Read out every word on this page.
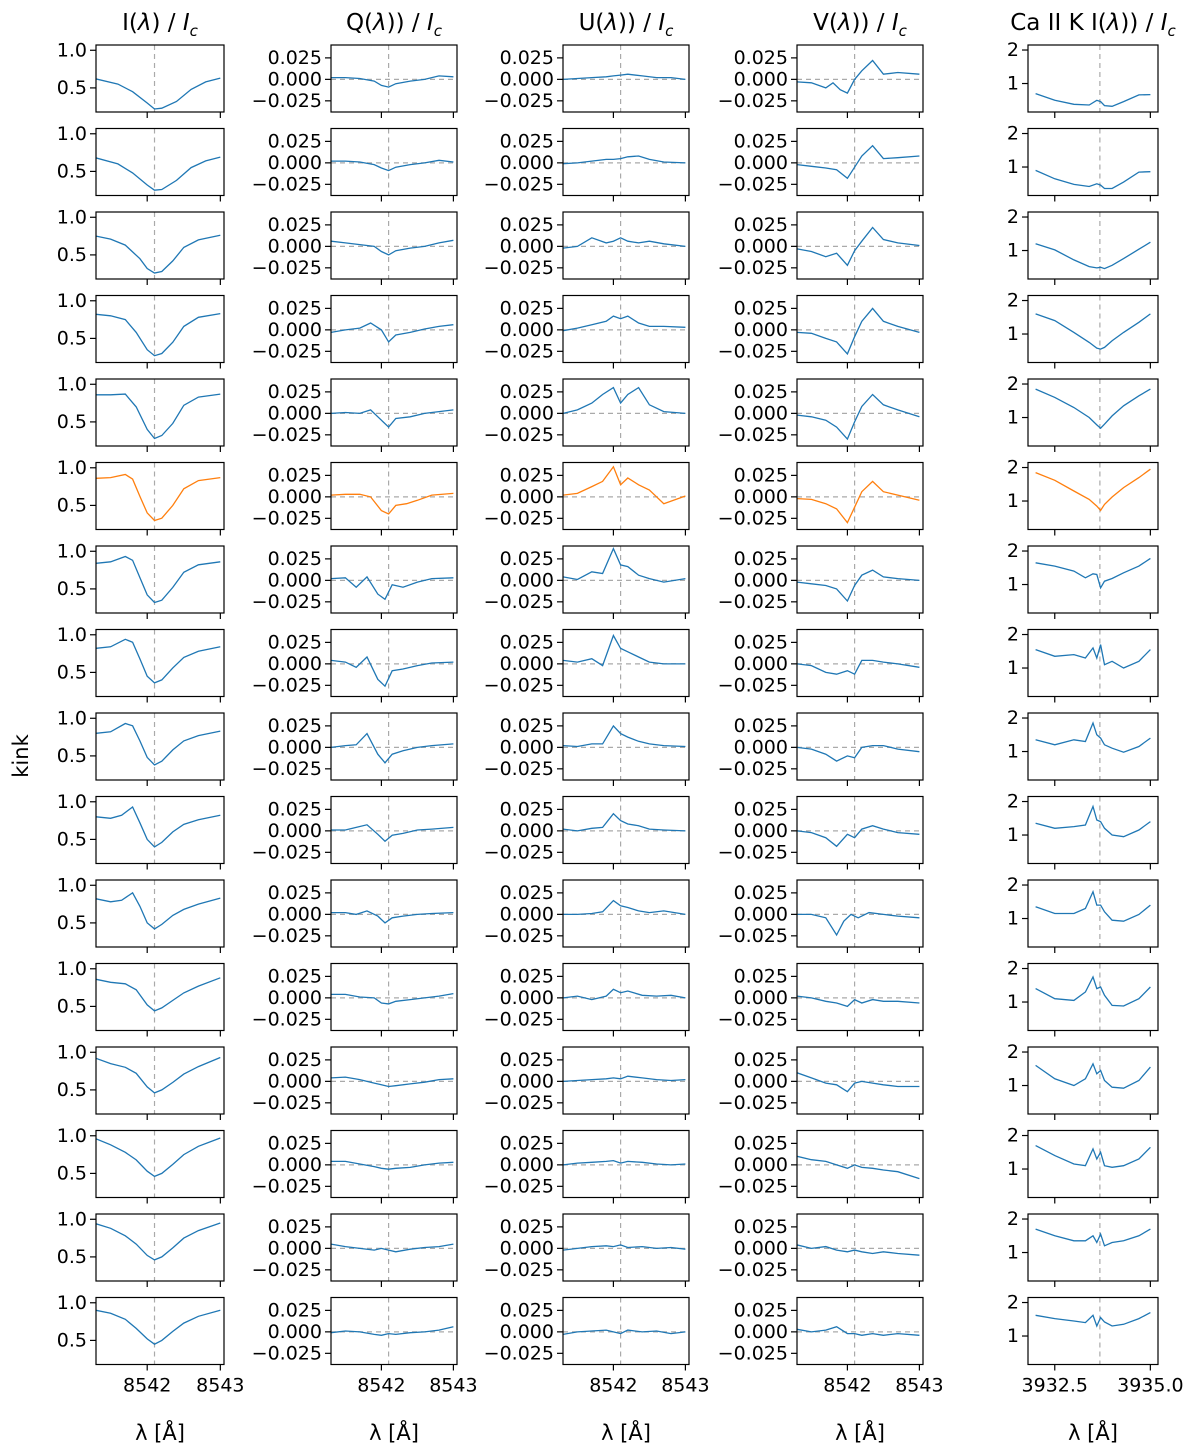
$I(\lambda) / I_c$	$Q(\lambda)) / I_c$	$U(\lambda)) / I_c$	$V(\lambda)) / I_c$	Ca II K $I(\lambda)) / I_c$
0.5
1.0
0.5
1.0
0.5
1.0
0.5
1.0
0.5
1.0
0.5
1.0
0.5
1.0
0.5
1.0
0.5
1.0
0.5
1.0
0.5
1.0
0.5
1.0
0.5
1.0
0.5
1.0
0.5
1.0
0.5
1.0
8542 8543
−0.025
0.000
0.025
−0.025
0.000
0.025
−0.025
0.000
0.025
−0.025
0.000
0.025
−0.025
0.000
0.025
−0.025
0.000
0.025
−0.025
0.000
0.025
−0.025
0.000
0.025
−0.025
0.000
0.025
−0.025
0.000
0.025
−0.025
0.000
0.025
−0.025
0.000
0.025
−0.025
0.000
0.025
−0.025
0.000
0.025
−0.025
0.000
0.025
−0.025
0.000
0.025
8542 8543
−0.025
0.000
0.025
−0.025
0.000
0.025
−0.025
0.000
0.025
−0.025
0.000
0.025
−0.025
0.000
0.025
−0.025
0.000
0.025
−0.025
0.000
0.025
−0.025
0.000
0.025
−0.025
0.000
0.025
−0.025
0.000
0.025
−0.025
0.000
0.025
−0.025
0.000
0.025
−0.025
0.000
0.025
−0.025
0.000
0.025
−0.025
0.000
0.025
−0.025
0.000
0.025
8542 8543
−0.025
0.000
0.025
−0.025
0.000
0.025
−0.025
0.000
0.025
−0.025
0.000
0.025
−0.025
0.000
0.025
−0.025
0.000
0.025
−0.025
0.000
0.025
−0.025
0.000
0.025
−0.025
0.000
0.025
−0.025
0.000
0.025
−0.025
0.000
0.025
−0.025
0.000
0.025
−0.025
0.000
0.025
−0.025
0.000
0.025
−0.025
0.000
0.025
−0.025
0.000
0.025
8542 8543
1
2
1
2
1
2
1
2
1
2
1
2
1
2
1
2
1
2
1
2
1
2
1
2
1
2
1
2
1
2
1
2
3932.5 3935.0
λ [Å]	λ [Å]	λ [Å]	λ [Å]	λ [Å]
kink
